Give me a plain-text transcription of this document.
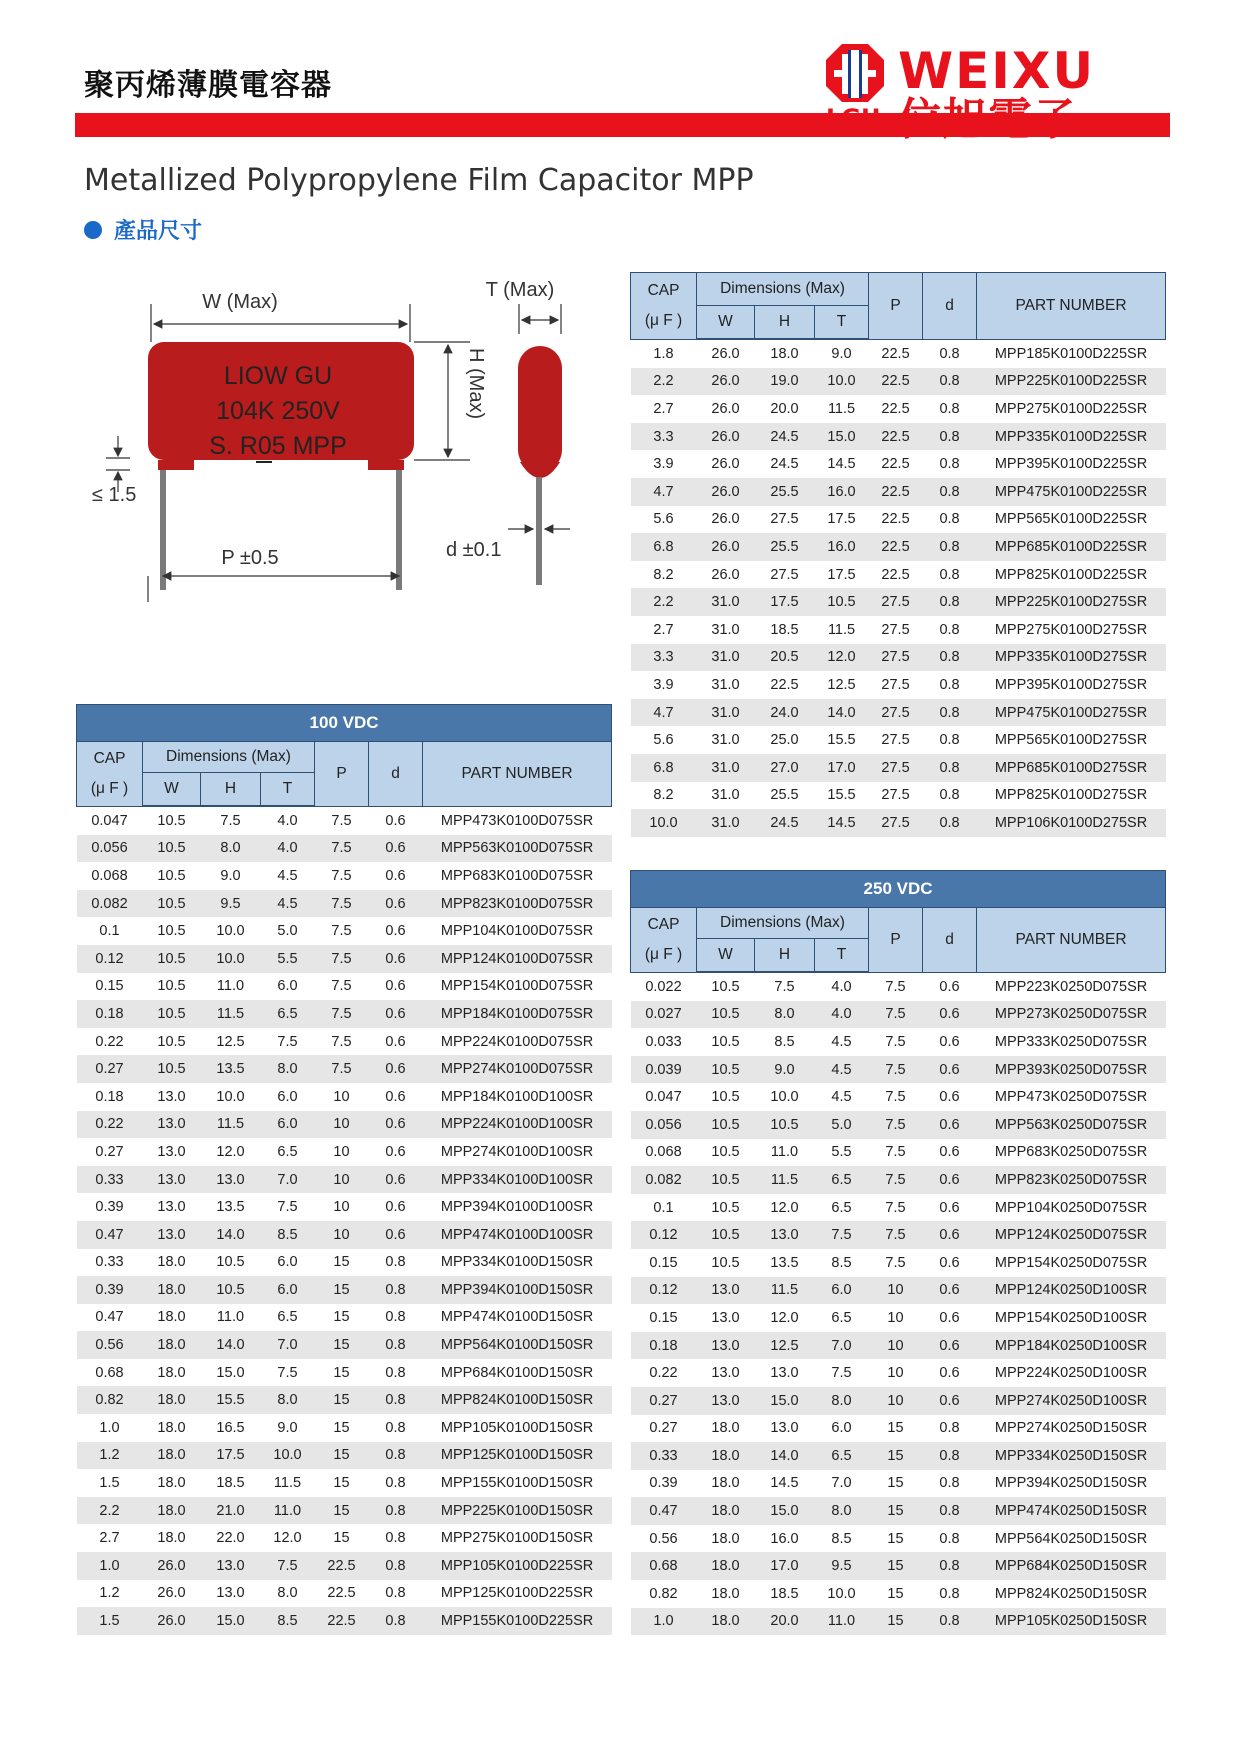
聚丙烯薄膜電容器
LGU
WEIXU
位旭電子
Metallized Polypropylene Film Capacitor MPP
產品尺寸
W (Max)
LIOW GU
104K 250V
S. R05 MPP
≤ 1.5
P ±0.5
H (Max)
T (Max)
d ±0.1
100 VDC						
CAP
(μ F )	Dimensions (Max)			P	d	PART NUMBER
	W	H	T			
0.047	10.5	7.5	4.0	7.5	0.6	MPP473K0100D075SR
0.056	10.5	8.0	4.0	7.5	0.6	MPP563K0100D075SR
0.068	10.5	9.0	4.5	7.5	0.6	MPP683K0100D075SR
0.082	10.5	9.5	4.5	7.5	0.6	MPP823K0100D075SR
0.1	10.5	10.0	5.0	7.5	0.6	MPP104K0100D075SR
0.12	10.5	10.0	5.5	7.5	0.6	MPP124K0100D075SR
0.15	10.5	11.0	6.0	7.5	0.6	MPP154K0100D075SR
0.18	10.5	11.5	6.5	7.5	0.6	MPP184K0100D075SR
0.22	10.5	12.5	7.5	7.5	0.6	MPP224K0100D075SR
0.27	10.5	13.5	8.0	7.5	0.6	MPP274K0100D075SR
0.18	13.0	10.0	6.0	10	0.6	MPP184K0100D100SR
0.22	13.0	11.5	6.0	10	0.6	MPP224K0100D100SR
0.27	13.0	12.0	6.5	10	0.6	MPP274K0100D100SR
0.33	13.0	13.0	7.0	10	0.6	MPP334K0100D100SR
0.39	13.0	13.5	7.5	10	0.6	MPP394K0100D100SR
0.47	13.0	14.0	8.5	10	0.6	MPP474K0100D100SR
0.33	18.0	10.5	6.0	15	0.8	MPP334K0100D150SR
0.39	18.0	10.5	6.0	15	0.8	MPP394K0100D150SR
0.47	18.0	11.0	6.5	15	0.8	MPP474K0100D150SR
0.56	18.0	14.0	7.0	15	0.8	MPP564K0100D150SR
0.68	18.0	15.0	7.5	15	0.8	MPP684K0100D150SR
0.82	18.0	15.5	8.0	15	0.8	MPP824K0100D150SR
1.0	18.0	16.5	9.0	15	0.8	MPP105K0100D150SR
1.2	18.0	17.5	10.0	15	0.8	MPP125K0100D150SR
1.5	18.0	18.5	11.5	15	0.8	MPP155K0100D150SR
2.2	18.0	21.0	11.0	15	0.8	MPP225K0100D150SR
2.7	18.0	22.0	12.0	15	0.8	MPP275K0100D150SR
1.0	26.0	13.0	7.5	22.5	0.8	MPP105K0100D225SR
1.2	26.0	13.0	8.0	22.5	0.8	MPP125K0100D225SR
1.5	26.0	15.0	8.5	22.5	0.8	MPP155K0100D225SR
CAP
(μ F )	Dimensions (Max)			P	d	PART NUMBER
	W	H	T			
1.8	26.0	18.0	9.0	22.5	0.8	MPP185K0100D225SR
2.2	26.0	19.0	10.0	22.5	0.8	MPP225K0100D225SR
2.7	26.0	20.0	11.5	22.5	0.8	MPP275K0100D225SR
3.3	26.0	24.5	15.0	22.5	0.8	MPP335K0100D225SR
3.9	26.0	24.5	14.5	22.5	0.8	MPP395K0100D225SR
4.7	26.0	25.5	16.0	22.5	0.8	MPP475K0100D225SR
5.6	26.0	27.5	17.5	22.5	0.8	MPP565K0100D225SR
6.8	26.0	25.5	16.0	22.5	0.8	MPP685K0100D225SR
8.2	26.0	27.5	17.5	22.5	0.8	MPP825K0100D225SR
2.2	31.0	17.5	10.5	27.5	0.8	MPP225K0100D275SR
2.7	31.0	18.5	11.5	27.5	0.8	MPP275K0100D275SR
3.3	31.0	20.5	12.0	27.5	0.8	MPP335K0100D275SR
3.9	31.0	22.5	12.5	27.5	0.8	MPP395K0100D275SR
4.7	31.0	24.0	14.0	27.5	0.8	MPP475K0100D275SR
5.6	31.0	25.0	15.5	27.5	0.8	MPP565K0100D275SR
6.8	31.0	27.0	17.0	27.5	0.8	MPP685K0100D275SR
8.2	31.0	25.5	15.5	27.5	0.8	MPP825K0100D275SR
10.0	31.0	24.5	14.5	27.5	0.8	MPP106K0100D275SR
250 VDC						
CAP
(μ F )	Dimensions (Max)			P	d	PART NUMBER
	W	H	T			
0.022	10.5	7.5	4.0	7.5	0.6	MPP223K0250D075SR
0.027	10.5	8.0	4.0	7.5	0.6	MPP273K0250D075SR
0.033	10.5	8.5	4.5	7.5	0.6	MPP333K0250D075SR
0.039	10.5	9.0	4.5	7.5	0.6	MPP393K0250D075SR
0.047	10.5	10.0	4.5	7.5	0.6	MPP473K0250D075SR
0.056	10.5	10.5	5.0	7.5	0.6	MPP563K0250D075SR
0.068	10.5	11.0	5.5	7.5	0.6	MPP683K0250D075SR
0.082	10.5	11.5	6.5	7.5	0.6	MPP823K0250D075SR
0.1	10.5	12.0	6.5	7.5	0.6	MPP104K0250D075SR
0.12	10.5	13.0	7.5	7.5	0.6	MPP124K0250D075SR
0.15	10.5	13.5	8.5	7.5	0.6	MPP154K0250D075SR
0.12	13.0	11.5	6.0	10	0.6	MPP124K0250D100SR
0.15	13.0	12.0	6.5	10	0.6	MPP154K0250D100SR
0.18	13.0	12.5	7.0	10	0.6	MPP184K0250D100SR
0.22	13.0	13.0	7.5	10	0.6	MPP224K0250D100SR
0.27	13.0	15.0	8.0	10	0.6	MPP274K0250D100SR
0.27	18.0	13.0	6.0	15	0.8	MPP274K0250D150SR
0.33	18.0	14.0	6.5	15	0.8	MPP334K0250D150SR
0.39	18.0	14.5	7.0	15	0.8	MPP394K0250D150SR
0.47	18.0	15.0	8.0	15	0.8	MPP474K0250D150SR
0.56	18.0	16.0	8.5	15	0.8	MPP564K0250D150SR
0.68	18.0	17.0	9.5	15	0.8	MPP684K0250D150SR
0.82	18.0	18.5	10.0	15	0.8	MPP824K0250D150SR
1.0	18.0	20.0	11.0	15	0.8	MPP105K0250D150SR
